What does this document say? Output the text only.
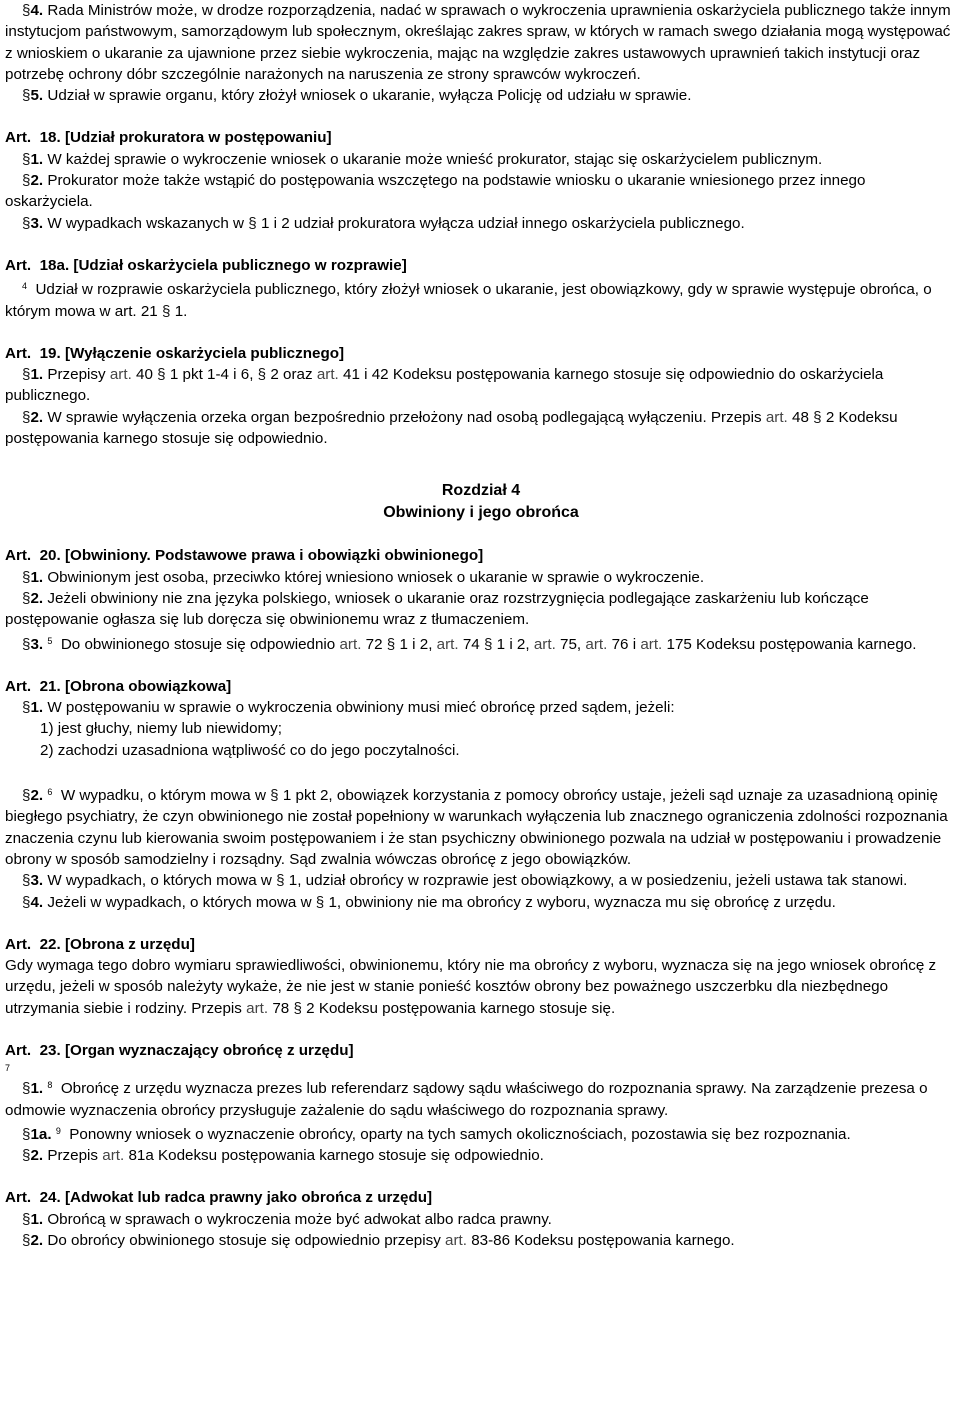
§4. Rada Ministrów może, w drodze rozporządzenia, nadać w sprawach o wykroczenia uprawnienia oskarżyciela publicznego także innym instytucjom państwowym, samorządowym lub społecznym, określając zakres spraw, w których w ramach swego działania mogą występować z wnioskiem o ukaranie za ujawnione przez siebie wykroczenia, mając na względzie zakres ustawowych uprawnień takich instytucji oraz potrzebę ochrony dóbr szczególnie narażonych na naruszenia ze strony sprawców wykroczeń.

§5. Udział w sprawie organu, który złożył wniosek o ukaranie, wyłącza Policję od udziału w sprawie.

Art. 18. [Udział prokuratora w postępowaniu]

§1. W każdej sprawie o wykroczenie wniosek o ukaranie może wnieść prokurator, stając się oskarżycielem publicznym.

§2. Prokurator może także wstąpić do postępowania wszczętego na podstawie wniosku o ukaranie wniesionego przez innego oskarżyciela.

§3. W wypadkach wskazanych w § 1 i 2 udział prokuratora wyłącza udział innego oskarżyciela publicznego.

Art. 18a. [Udział oskarżyciela publicznego w rozprawie]

$^4$ Udział w rozprawie oskarżyciela publicznego, który złożył wniosek o ukaranie, jest obowiązkowy, gdy w sprawie występuje obrońca, o którym mowa w art. 21 § 1.

Art. 19. [Wyłączenie oskarżyciela publicznego]

§1. Przepisy art. 40 § 1 pkt 1-4 i 6, § 2 oraz art. 41 i 42 Kodeksu postępowania karnego stosuje się odpowiednio do oskarżyciela publicznego.

§2. W sprawie wyłączenia orzeka organ bezpośrednio przełożony nad osobą podlegającą wyłączeniu. Przepis art. 48 § 2 Kodeksu postępowania karnego stosuje się odpowiednio.

Rozdział 4

Obwiniony i jego obrońca

Art. 20. [Obwiniony. Podstawowe prawa i obowiązki obwinionego]

§1. Obwinionym jest osoba, przeciwko której wniesiono wniosek o ukaranie w sprawie o wykroczenie.

§2. Jeżeli obwiniony nie zna języka polskiego, wniosek o ukaranie oraz rozstrzygnięcia podlegające zaskarżeniu lub kończące postępowanie ogłasza się lub doręcza się obwinionemu wraz z tłumaczeniem.

§3. $^5$ Do obwinionego stosuje się odpowiednio art. 72 § 1 i 2, art. 74 § 1 i 2, art. 75, art. 76 i art. 175 Kodeksu postępowania karnego.

Art. 21. [Obrona obowiązkowa]

§1. W postępowaniu w sprawie o wykroczenia obwiniony musi mieć obrońcę przed sądem, jeżeli:

1) jest głuchy, niemy lub niewidomy;

2) zachodzi uzasadniona wątpliwość co do jego poczytalności.

§2. $^6$ W wypadku, o którym mowa w § 1 pkt 2, obowiązek korzystania z pomocy obrońcy ustaje, jeżeli sąd uznaje za uzasadnioną opinię biegłego psychiatry, że czyn obwinionego nie został popełniony w warunkach wyłączenia lub znacznego ograniczenia zdolności rozpoznania znaczenia czynu lub kierowania swoim postępowaniem i że stan psychiczny obwinionego pozwala na udział w postępowaniu i prowadzenie obrony w sposób samodzielny i rozsądny. Sąd zwalnia wówczas obrońcę z jego obowiązków.

§3. W wypadkach, o których mowa w § 1, udział obrońcy w rozprawie jest obowiązkowy, a w posiedzeniu, jeżeli ustawa tak stanowi.

§4. Jeżeli w wypadkach, o których mowa w § 1, obwiniony nie ma obrońcy z wyboru, wyznacza mu się obrońcę z urzędu.

Art. 22. [Obrona z urzędu]

Gdy wymaga tego dobro wymiaru sprawiedliwości, obwinionemu, który nie ma obrońcy z wyboru, wyznacza się na jego wniosek obrońcę z urzędu, jeżeli w sposób należyty wykaże, że nie jest w stanie ponieść kosztów obrony bez poważnego uszczerbku dla niezbędnego utrzymania siebie i rodziny. Przepis art. 78 § 2 Kodeksu postępowania karnego stosuje się.

Art. 23. [Organ wyznaczający obrońcę z urzędu]

7

§1. $^8$ Obrońcę z urzędu wyznacza prezes lub referendarz sądowy sądu właściwego do rozpoznania sprawy. Na zarządzenie prezesa o odmowie wyznaczenia obrońcy przysługuje zażalenie do sądu właściwego do rozpoznania sprawy.

§1a. $^9$ Ponowny wniosek o wyznaczenie obrońcy, oparty na tych samych okolicznościach, pozostawia się bez rozpoznania.

§2. Przepis art. 81a Kodeksu postępowania karnego stosuje się odpowiednio.

Art. 24. [Adwokat lub radca prawny jako obrońca z urzędu]

§1. Obrońcą w sprawach o wykroczenia może być adwokat albo radca prawny.

§2. Do obrońcy obwinionego stosuje się odpowiednio przepisy art. 83-86 Kodeksu postępowania karnego.
